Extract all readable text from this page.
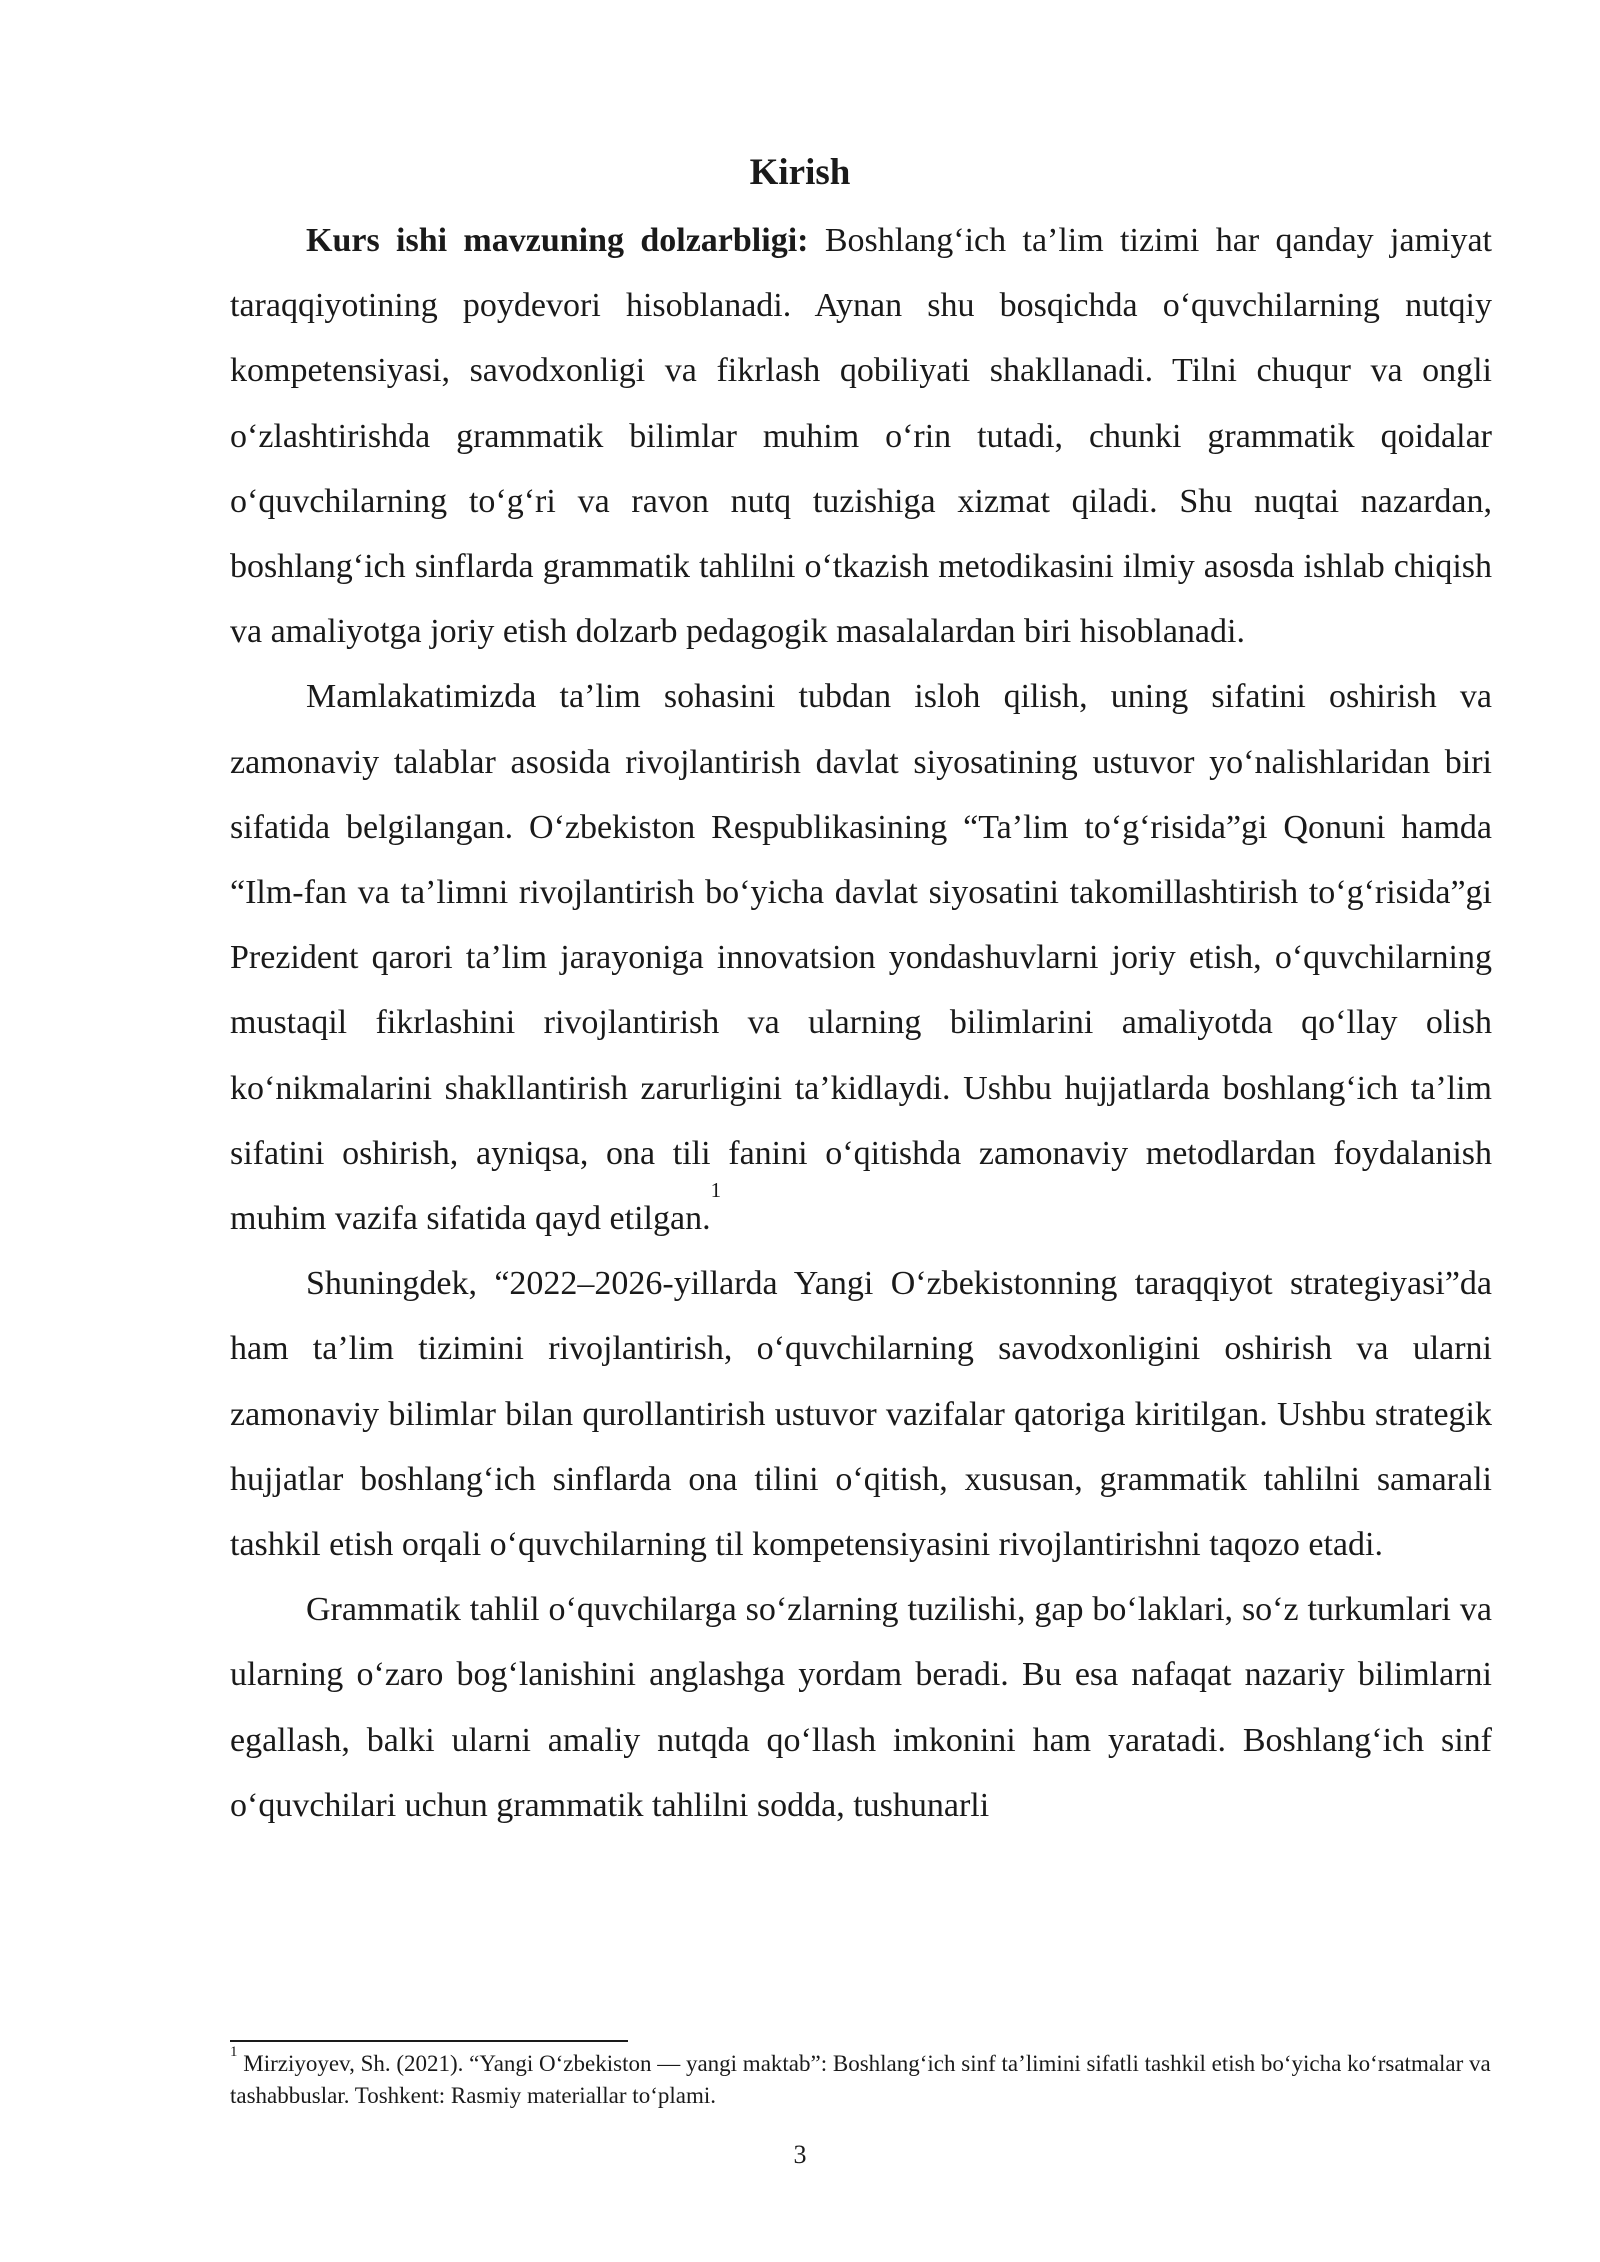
Kirish

Kurs ishi mavzuning dolzarbligi: Boshlang‘ich ta’lim tizimi har qanday jamiyat taraqqiyotining poydevori hisoblanadi. Aynan shu bosqichda o‘quvchilarning nutqiy kompetensiyasi, savodxonligi va fikrlash qobiliyati shakllanadi. Tilni chuqur va ongli o‘zlashtirishda grammatik bilimlar muhim o‘rin tutadi, chunki grammatik qoidalar o‘quvchilarning to‘g‘ri va ravon nutq tuzishiga xizmat qiladi. Shu nuqtai nazardan, boshlang‘ich sinflarda grammatik tahlilni o‘tkazish metodikasini ilmiy asosda ishlab chiqish va amaliyotga joriy etish dolzarb pedagogik masalalardan biri hisoblanadi.

Mamlakatimizda ta’lim sohasini tubdan isloh qilish, uning sifatini oshirish va zamonaviy talablar asosida rivojlantirish davlat siyosatining ustuvor yo‘nalishlaridan biri sifatida belgilangan. O‘zbekiston Respublikasining “Ta’lim to‘g‘risida”gi Qonuni hamda “Ilm-fan va ta’limni rivojlantirish bo‘yicha davlat siyosatini takomillashtirish to‘g‘risida”gi Prezident qarori ta’lim jarayoniga innovatsion yondashuvlarni joriy etish, o‘quvchilarning mustaqil fikrlashini rivojlantirish va ularning bilimlarini amaliyotda qo‘llay olish ko‘nikmalarini shakllantirish zarurligini ta’kidlaydi. Ushbu hujjatlarda boshlang‘ich ta’lim sifatini oshirish, ayniqsa, ona tili fanini o‘qitishda zamonaviy metodlardan foydalanish muhim vazifa sifatida qayd etilgan.$^1$

Shuningdek, “2022–2026-yillarda Yangi O‘zbekistonning taraqqiyot strategiyasi”da ham ta’lim tizimini rivojlantirish, o‘quvchilarning savodxonligini oshirish va ularni zamonaviy bilimlar bilan qurollantirish ustuvor vazifalar qatoriga kiritilgan. Ushbu strategik hujjatlar boshlang‘ich sinflarda ona tilini o‘qitish, xususan, grammatik tahlilni samarali tashkil etish orqali o‘quvchilarning til kompetensiyasini rivojlantirishni taqozo etadi.

Grammatik tahlil o‘quvchilarga so‘zlarning tuzilishi, gap bo‘laklari, so‘z turkumlari va ularning o‘zaro bog‘lanishini anglashga yordam beradi. Bu esa nafaqat nazariy bilimlarni egallash, balki ularni amaliy nutqda qo‘llash imkonini ham yaratadi. Boshlang‘ich sinf o‘quvchilari uchun grammatik tahlilni sodda, tushunarli

$^1$ Mirziyoyev, Sh. (2021). “Yangi O‘zbekiston — yangi maktab”: Boshlang‘ich sinf ta’limini sifatli tashkil etish bo‘yicha ko‘rsatmalar va tashabbuslar. Toshkent: Rasmiy materiallar to‘plami.

3
